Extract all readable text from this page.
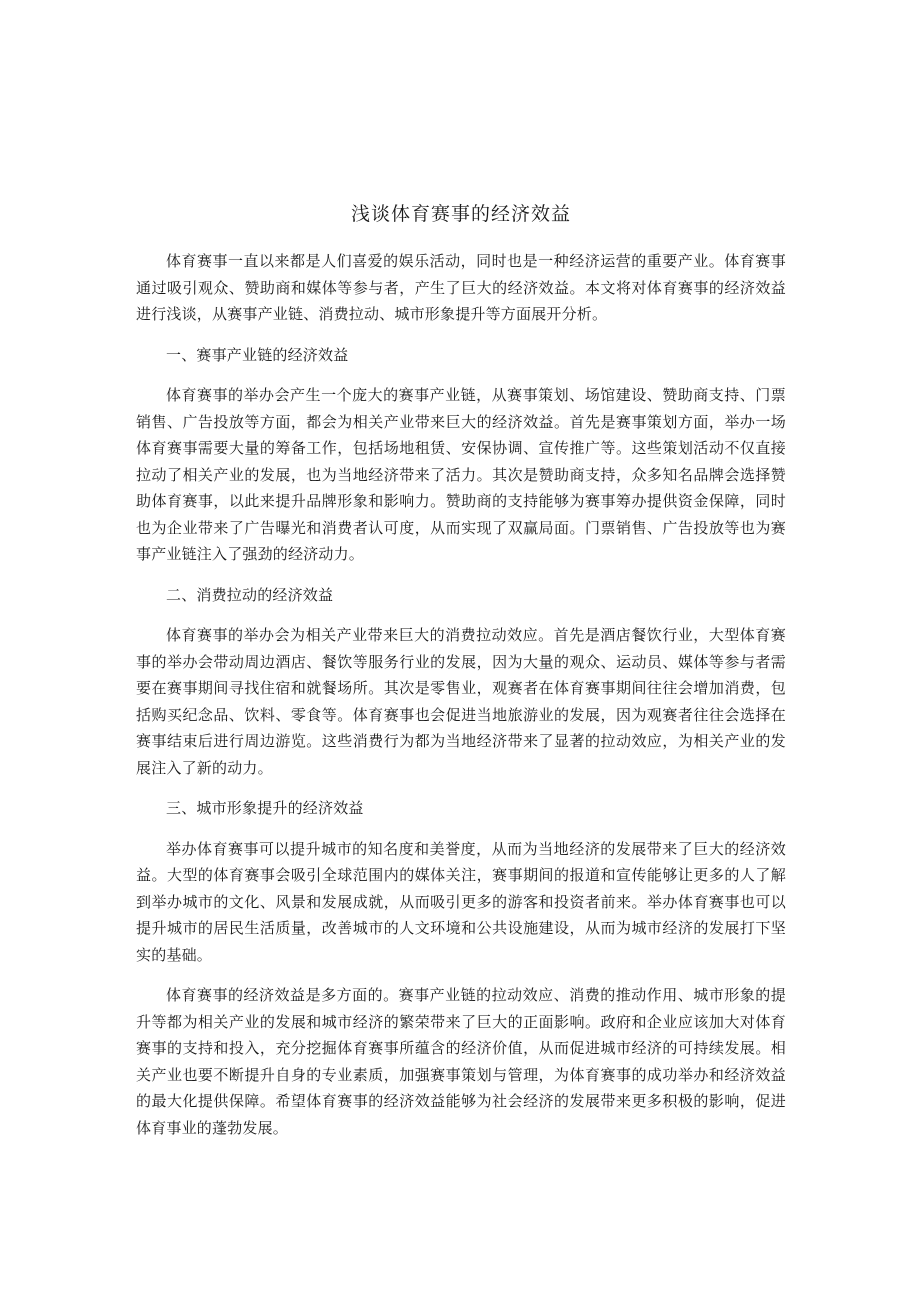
浅谈体育赛事的经济效益

体育赛事一直以来都是人们喜爱的娱乐活动，同时也是一种经济运营的重要产业。体育赛事通过吸引观众、赞助商和媒体等参与者，产生了巨大的经济效益。本文将对体育赛事的经济效益进行浅谈，从赛事产业链、消费拉动、城市形象提升等方面展开分析。

一、赛事产业链的经济效益

体育赛事的举办会产生一个庞大的赛事产业链，从赛事策划、场馆建设、赞助商支持、门票销售、广告投放等方面，都会为相关产业带来巨大的经济效益。首先是赛事策划方面，举办一场体育赛事需要大量的筹备工作，包括场地租赁、安保协调、宣传推广等。这些策划活动不仅直接拉动了相关产业的发展，也为当地经济带来了活力。其次是赞助商支持，众多知名品牌会选择赞助体育赛事，以此来提升品牌形象和影响力。赞助商的支持能够为赛事筹办提供资金保障，同时也为企业带来了广告曝光和消费者认可度，从而实现了双赢局面。门票销售、广告投放等也为赛事产业链注入了强劲的经济动力。

二、消费拉动的经济效益

体育赛事的举办会为相关产业带来巨大的消费拉动效应。首先是酒店餐饮行业，大型体育赛事的举办会带动周边酒店、餐饮等服务行业的发展，因为大量的观众、运动员、媒体等参与者需要在赛事期间寻找住宿和就餐场所。其次是零售业，观赛者在体育赛事期间往往会增加消费，包括购买纪念品、饮料、零食等。体育赛事也会促进当地旅游业的发展，因为观赛者往往会选择在赛事结束后进行周边游览。这些消费行为都为当地经济带来了显著的拉动效应，为相关产业的发展注入了新的动力。

三、城市形象提升的经济效益

举办体育赛事可以提升城市的知名度和美誉度，从而为当地经济的发展带来了巨大的经济效益。大型的体育赛事会吸引全球范围内的媒体关注，赛事期间的报道和宣传能够让更多的人了解到举办城市的文化、风景和发展成就，从而吸引更多的游客和投资者前来。举办体育赛事也可以提升城市的居民生活质量，改善城市的人文环境和公共设施建设，从而为城市经济的发展打下坚实的基础。

体育赛事的经济效益是多方面的。赛事产业链的拉动效应、消费的推动作用、城市形象的提升等都为相关产业的发展和城市经济的繁荣带来了巨大的正面影响。政府和企业应该加大对体育赛事的支持和投入，充分挖掘体育赛事所蕴含的经济价值，从而促进城市经济的可持续发展。相关产业也要不断提升自身的专业素质，加强赛事策划与管理，为体育赛事的成功举办和经济效益的最大化提供保障。希望体育赛事的经济效益能够为社会经济的发展带来更多积极的影响，促进体育事业的蓬勃发展。
